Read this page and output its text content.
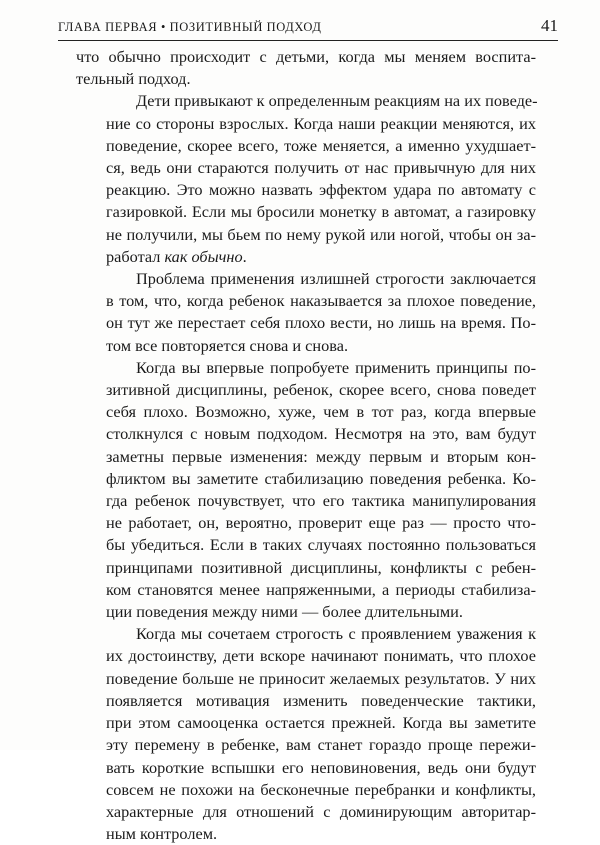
ГЛАВА ПЕРВАЯ • ПОЗИТИВНЫЙ ПОДХОД	41

что обычно происходит с детьми, когда мы меняем воспита-
тельный подход.

Дети привыкают к определенным реакциям на их поведе-
ние со стороны взрослых. Когда наши реакции меняются, их
поведение, скорее всего, тоже меняется, а именно ухудшает-
ся, ведь они стараются получить от нас привычную для них
реакцию. Это можно назвать эффектом удара по автомату с
газировкой. Если мы бросили монетку в автомат, а газировку
не получили, мы бьем по нему рукой или ногой, чтобы он за-
работал как обычно.

Проблема применения излишней строгости заключается
в том, что, когда ребенок наказывается за плохое поведение,
он тут же перестает себя плохо вести, но лишь на время. По-
том все повторяется снова и снова.

Когда вы впервые попробуете применить принципы по-
зитивной дисциплины, ребенок, скорее всего, снова поведет
себя плохо. Возможно, хуже, чем в тот раз, когда впервые
столкнулся с новым подходом. Несмотря на это, вам будут
заметны первые изменения: между первым и вторым кон-
фликтом вы заметите стабилизацию поведения ребенка. Ко-
гда ребенок почувствует, что его тактика манипулирования
не работает, он, вероятно, проверит еще раз — просто что-
бы убедиться. Если в таких случаях постоянно пользоваться
принципами позитивной дисциплины, конфликты с ребен-
ком становятся менее напряженными, а периоды стабилиза-
ции поведения между ними — более длительными.

Когда мы сочетаем строгость с проявлением уважения к
их достоинству, дети вскоре начинают понимать, что плохое
поведение больше не приносит желаемых результатов. У них
появляется мотивация изменить поведенческие тактики,
при этом самооценка остается прежней. Когда вы заметите
эту перемену в ребенке, вам станет гораздо проще пережи-
вать короткие вспышки его неповиновения, ведь они будут
совсем не похожи на бесконечные перебранки и конфликты,
характерные для отношений с доминирующим авторитар-
ным контролем.
